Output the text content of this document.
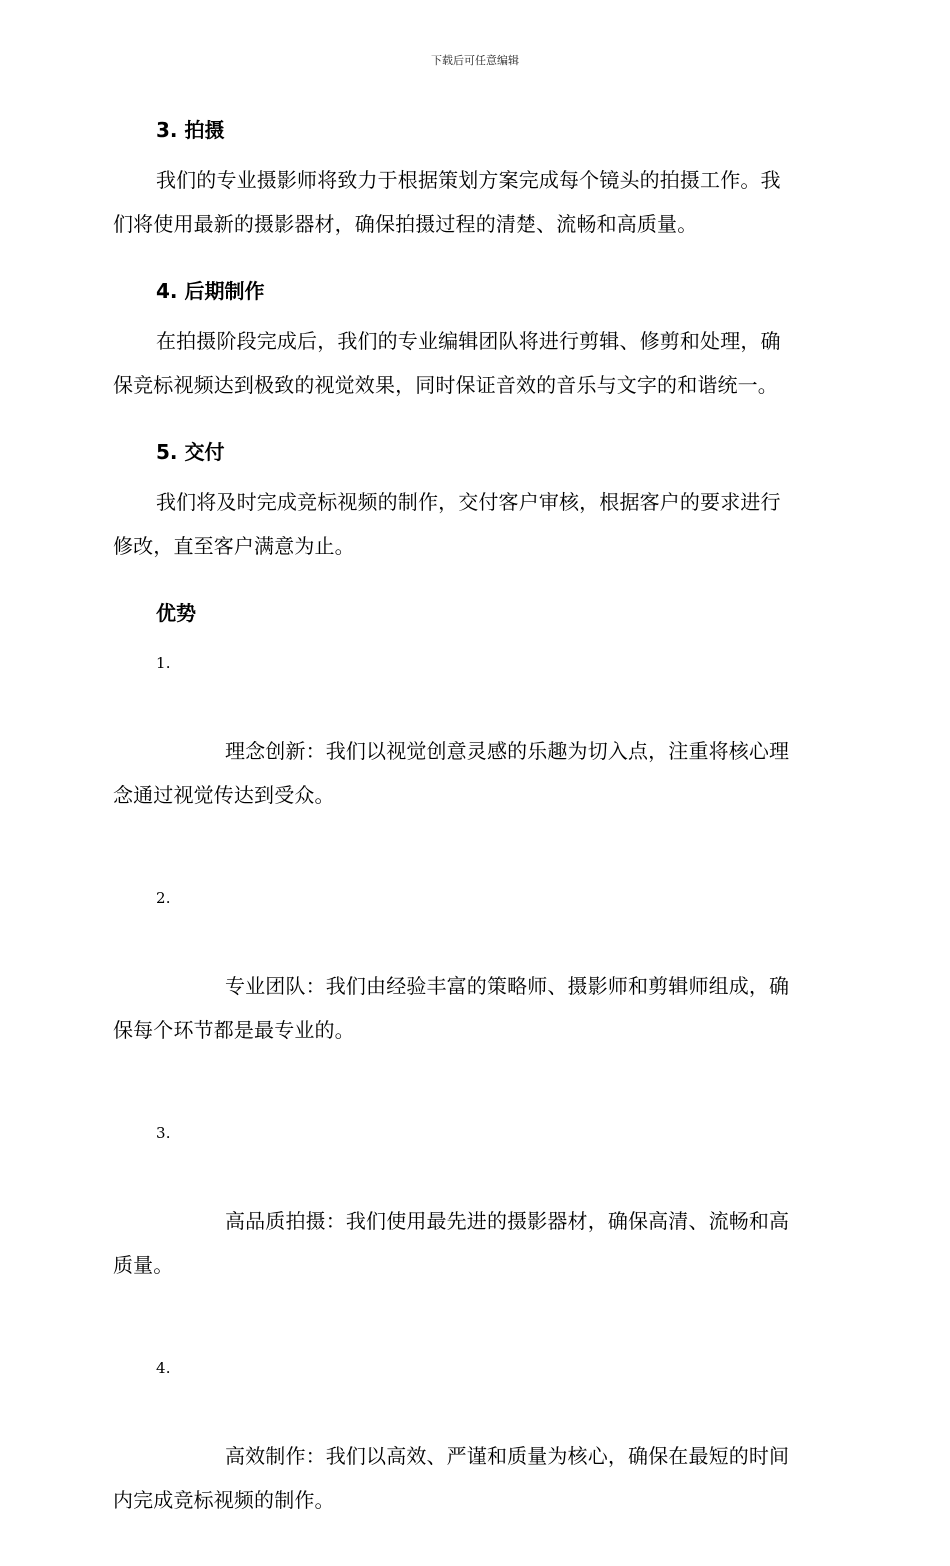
下载后可任意编辑
3. 拍摄

我们的专业摄影师将致力于根据策划方案完成每个镜头的拍摄工作。我
们将使用最新的摄影器材，确保拍摄过程的清楚、流畅和高质量。

4. 后期制作

在拍摄阶段完成后，我们的专业编辑团队将进行剪辑、修剪和处理，确
保竞标视频达到极致的视觉效果，同时保证音效的音乐与文字的和谐统一。

5. 交付

我们将及时完成竞标视频的制作，交付客户审核，根据客户的要求进行
修改，直至客户满意为止。

优势

1.

理念创新：我们以视觉创意灵感的乐趣为切入点，注重将核心理
念通过视觉传达到受众。

2.

专业团队：我们由经验丰富的策略师、摄影师和剪辑师组成，确
保每个环节都是最专业的。

3.

高品质拍摄：我们使用最先进的摄影器材，确保高清、流畅和高
质量。

4.

高效制作：我们以高效、严谨和质量为核心，确保在最短的时间
内完成竞标视频的制作。
